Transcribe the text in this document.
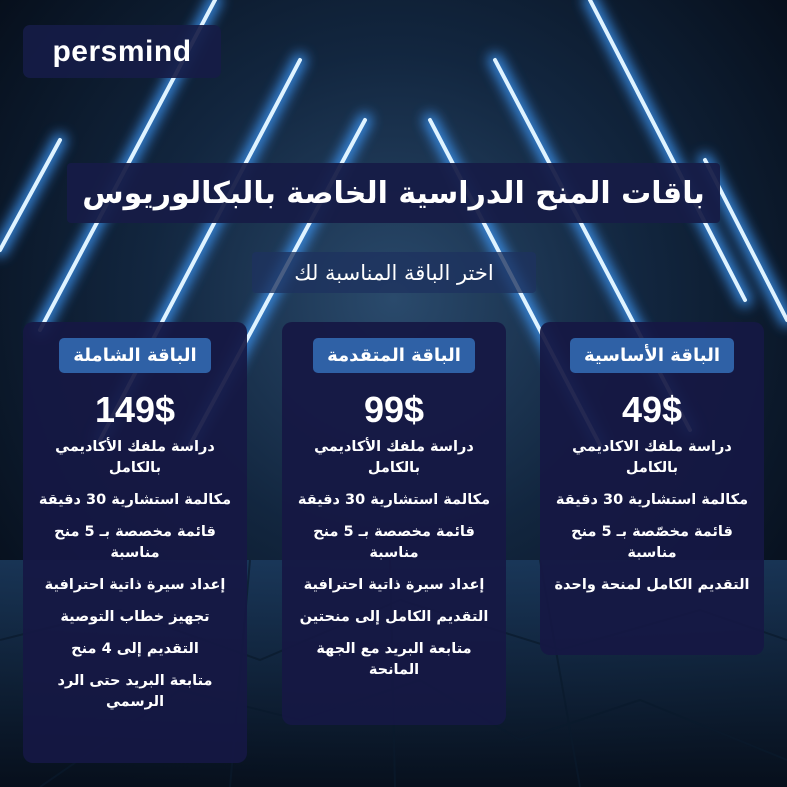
persmind
باقات المنح الدراسية الخاصة بالبكالوريوس
اختر الباقة المناسبة لك
الباقة الأساسية
49$
دراسة ملفك الاكاديمي بالكامل
مكالمة استشارية 30 دقيقة
قائمة مخصّصة بـ 5 منح مناسبة
التقديم الكامل لمنحة واحدة
الباقة المتقدمة
99$
دراسة ملفك الأكاديمي بالكامل
مكالمة استشارية 30 دقيقة
قائمة مخصصة بـ 5 منح مناسبة
إعداد سيرة ذاتية احترافية
التقديم الكامل إلى منحتين
متابعة البريد مع الجهة المانحة
الباقة الشاملة
149$
دراسة ملفك الأكاديمي بالكامل
مكالمة استشارية 30 دقيقة
قائمة مخصصة بـ 5 منح مناسبة
إعداد سيرة ذاتية احترافية
تجهيز خطاب التوصية
التقديم إلى 4 منح
متابعة البريد حتى الرد الرسمي
